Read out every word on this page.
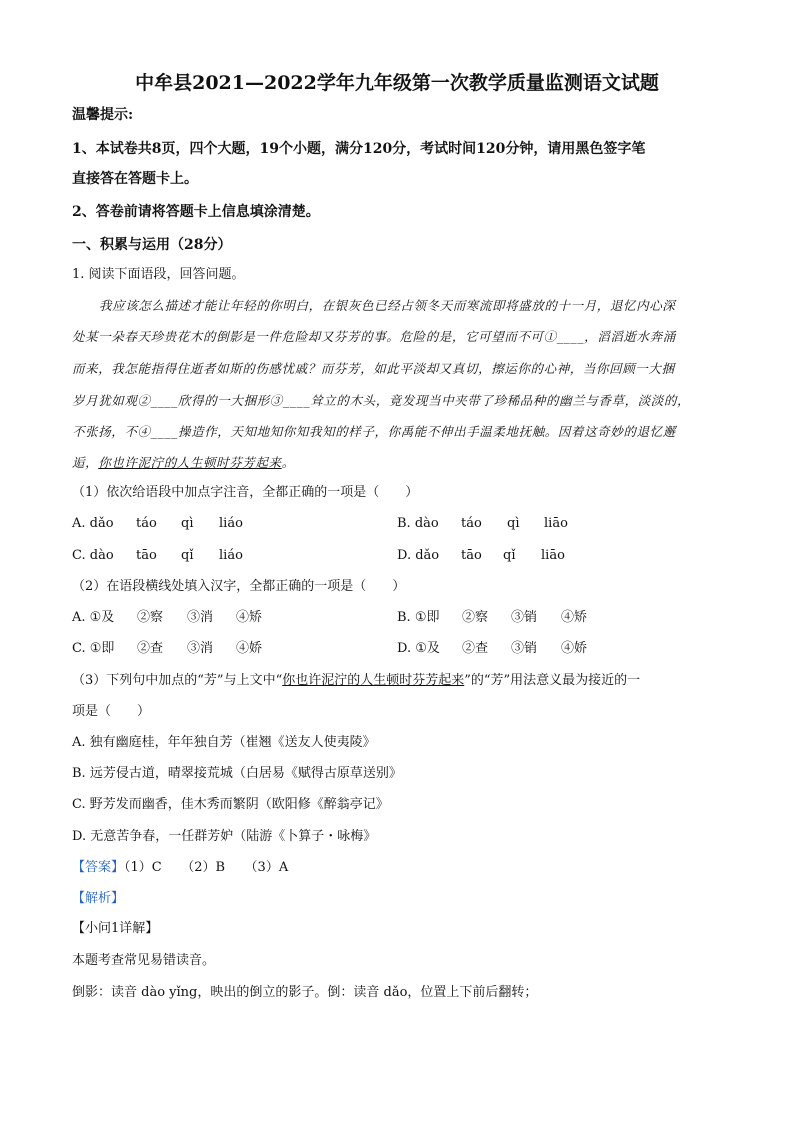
中牟县2021—2022学年九年级第一次教学质量监测语文试题
温馨提示:
1、本试卷共8页，四个大题，19个小题，满分120分，考试时间120分钟，请用黑色签字笔
直接答在答题卡上。
2、答卷前请将答题卡上信息填涂清楚。
一、积累与运用（28分）
1. 阅读下面语段，回答问题。
我应该怎么描述才能让年轻的你明白，在银灰色已经占领冬天而寒流即将盛放的十一月，退忆内心深
处某一朵春天珍贵花木的倒影是一件危险却又芬芳的事。危险的是，它可望而不可①____，滔滔逝水奔涌
而来，我怎能指得住逝者如斯的伤感忧戚？而芬芳，如此平淡却又真切，擦运你的心神，当你回顾一大捆
岁月犹如观②____欣得的一大捆形③____耸立的木头，竟发现当中夹带了珍稀品种的幽兰与香草，淡淡的，
不张扬，不④____操造作，天知地知你知我知的样子，你禹能不伸出手温柔地抚触。因着这奇妙的退忆邂
逅，你也许泥泞的人生顿时芬芳起来。
（1）依次给语段中加点字注音，全都正确的一项是（　　）
A. dǎo táo qì liáo	B. dào táo qì liāo
C. dào tāo qǐ liáo	D. dǎo tāo qǐ liāo
（2）在语段横线处填入汉字，全都正确的一项是（　　）
A. ①及 ②察 ③消 ④矫	B. ①即 ②察 ③销 ④矫
C. ①即 ②查 ③消 ④娇	D. ①及 ②查 ③销 ④娇
（3）下列句中加点的“芳”与上文中“你也许泥泞的人生顿时芬芳起来”的“芳”用法意义最为接近的一
项是（　　）
A. 独有幽庭桂，年年独自芳（崔翘《送友人使夷陵》
B. 远芳侵古道，晴翠接荒城（白居易《赋得古原草送别》
C. 野芳发而幽香，佳木秀而繁阴（欧阳修《醉翁亭记》
D. 无意苦争春，一任群芳妒（陆游《卜算子・咏梅》
【答案】（1）C　　（2）B　　（3）A
【解析】
【小问1详解】
本题考查常见易错读音。
倒影：读音 dào yǐng，映出的倒立的影子。倒：读音 dǎo，位置上下前后翻转；
